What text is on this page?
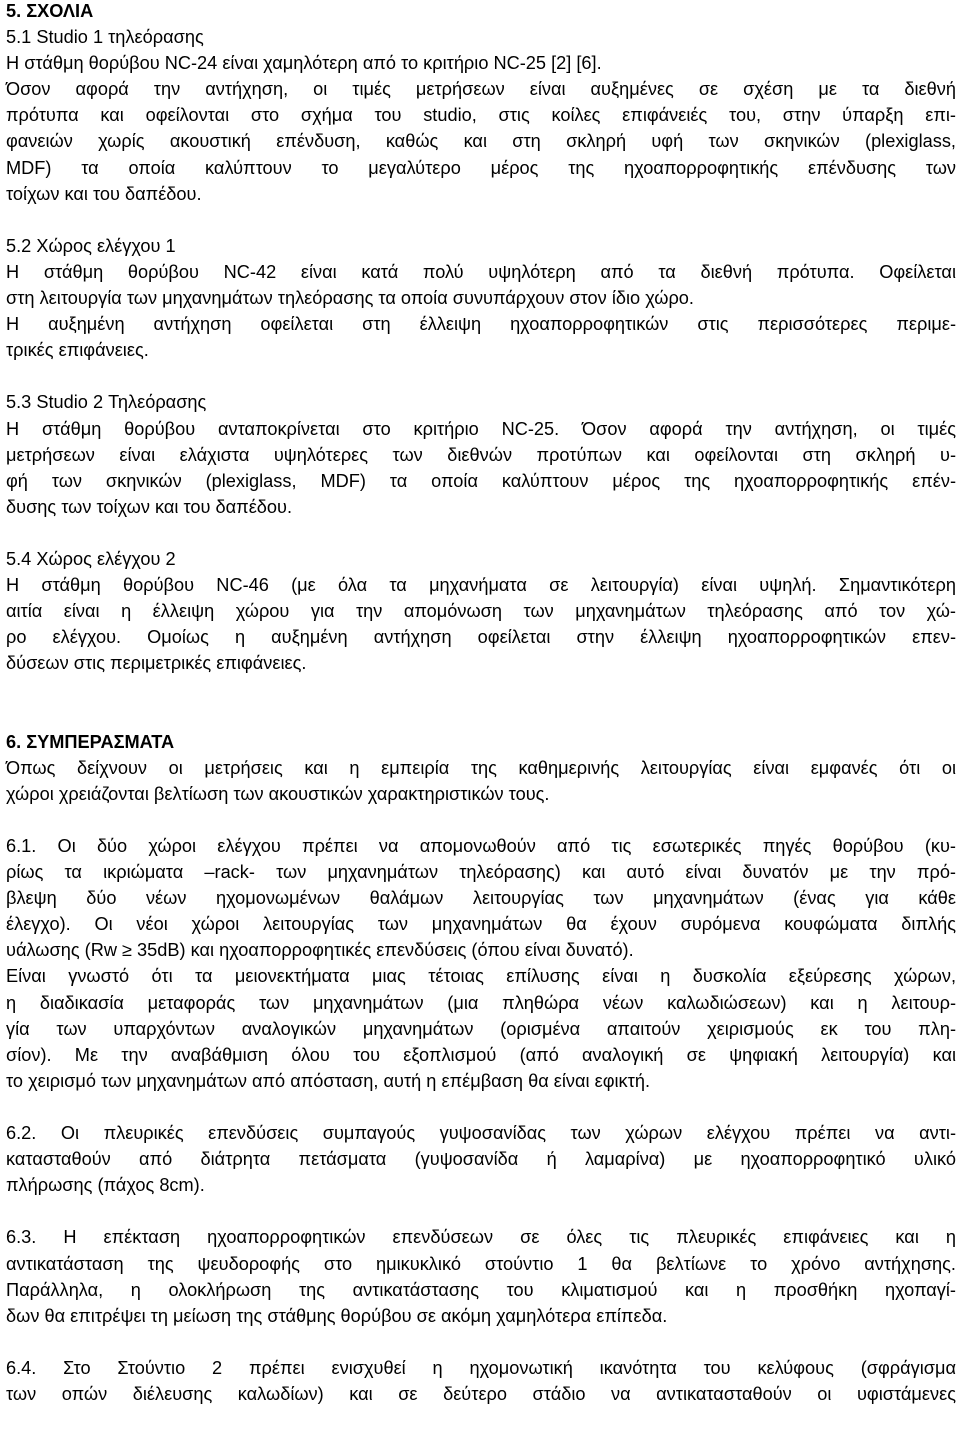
5. ΣΧΟΛΙΑ
5.1 Studio 1 τηλεόρασης
Η στάθμη θορύβου NC-24 είναι χαμηλότερη από το κριτήριο NC-25 [2] [6].
Όσον αφορά την αντήχηση, οι τιμές μετρήσεων είναι αυξημένες σε σχέση με τα διεθνή
πρότυπα και οφείλονται στο σχήμα του studio, στις κοίλες επιφάνειές του, στην ύπαρξη επι-
φανειών χωρίς ακουστική επένδυση, καθώς και στη σκληρή υφή των σκηνικών (plexiglass,
MDF) τα οποία καλύπτουν το μεγαλύτερο μέρος της ηχοαπορροφητικής επένδυσης των
τοίχων και του δαπέδου.
5.2 Χώρος ελέγχου 1
Η στάθμη θορύβου NC-42 είναι κατά πολύ υψηλότερη από τα διεθνή πρότυπα. Οφείλεται
στη λειτουργία των μηχανημάτων τηλεόρασης τα οποία συνυπάρχουν στον ίδιο χώρο.
Η αυξημένη αντήχηση οφείλεται στη έλλειψη ηχοαπορροφητικών στις περισσότερες περιμε-
τρικές επιφάνειες.
5.3 Studio 2 Τηλεόρασης
Η στάθμη θορύβου ανταποκρίνεται στο κριτήριο NC-25. Όσον αφορά την αντήχηση, οι τιμές
μετρήσεων είναι ελάχιστα υψηλότερες των διεθνών προτύπων και οφείλονται στη σκληρή υ-
φή των σκηνικών (plexiglass, MDF) τα οποία καλύπτουν μέρος της ηχοαπορροφητικής επέν-
δυσης των τοίχων και του δαπέδου.
5.4 Χώρος ελέγχου 2
Η στάθμη θορύβου NC-46 (με όλα τα μηχανήματα σε λειτουργία) είναι υψηλή. Σημαντικότερη
αιτία είναι η έλλειψη χώρου για την απομόνωση των μηχανημάτων τηλεόρασης από τον χώ-
ρο ελέγχου. Ομοίως η αυξημένη αντήχηση οφείλεται στην έλλειψη ηχοαπορροφητικών επεν-
δύσεων στις περιμετρικές επιφάνειες.
6. ΣΥΜΠΕΡΑΣΜΑΤΑ
Όπως δείχνουν οι μετρήσεις και η εμπειρία της καθημερινής λειτουργίας είναι εμφανές ότι οι
χώροι χρειάζονται βελτίωση των ακουστικών χαρακτηριστικών τους.
6.1. Οι δύο χώροι ελέγχου πρέπει να απομονωθούν από τις εσωτερικές πηγές θορύβου (κυ-
ρίως τα ικριώματα –rack- των μηχανημάτων τηλεόρασης) και αυτό είναι δυνατόν με την πρό-
βλεψη δύο νέων ηχομονωμένων θαλάμων λειτουργίας των μηχανημάτων (ένας για κάθε
έλεγχο). Οι νέοι χώροι λειτουργίας των μηχανημάτων θα έχουν συρόμενα κουφώματα διπλής
υάλωσης (Rw ≥ 35dB) και ηχοαπορροφητικές επενδύσεις (όπου είναι δυνατό).
Είναι γνωστό ότι τα μειονεκτήματα μιας τέτοιας επίλυσης είναι η δυσκολία εξεύρεσης χώρων,
η διαδικασία μεταφοράς των μηχανημάτων (μια πληθώρα νέων καλωδιώσεων) και η λειτουρ-
γία των υπαρχόντων αναλογικών μηχανημάτων (ορισμένα απαιτούν χειρισμούς εκ του πλη-
σίον). Με την αναβάθμιση όλου του εξοπλισμού (από αναλογική σε ψηφιακή λειτουργία) και
το χειρισμό των μηχανημάτων από απόσταση, αυτή η επέμβαση θα είναι εφικτή.
6.2. Οι πλευρικές επενδύσεις συμπαγούς γυψοσανίδας των χώρων ελέγχου πρέπει να αντι-
κατασταθούν από διάτρητα πετάσματα (γυψοσανίδα ή λαμαρίνα) με ηχοαπορροφητικό υλικό
πλήρωσης (πάχος 8cm).
6.3. Η επέκταση ηχοαπορροφητικών επενδύσεων σε όλες τις πλευρικές επιφάνειες και η
αντικατάσταση της ψευδοροφής στο ημικυκλικό στούντιο 1 θα βελτίωνε το χρόνο αντήχησης.
Παράλληλα, η ολοκλήρωση της αντικατάστασης του κλιματισμού και η προσθήκη ηχοπαγί-
δων θα επιτρέψει τη μείωση της στάθμης θορύβου σε ακόμη χαμηλότερα επίπεδα.
6.4. Στο Στούντιο 2 πρέπει ενισχυθεί η ηχομονωτική ικανότητα του κελύφους (σφράγισμα
των οπών διέλευσης καλωδίων) και σε δεύτερο στάδιο να αντικατασταθούν οι υφιστάμενες
